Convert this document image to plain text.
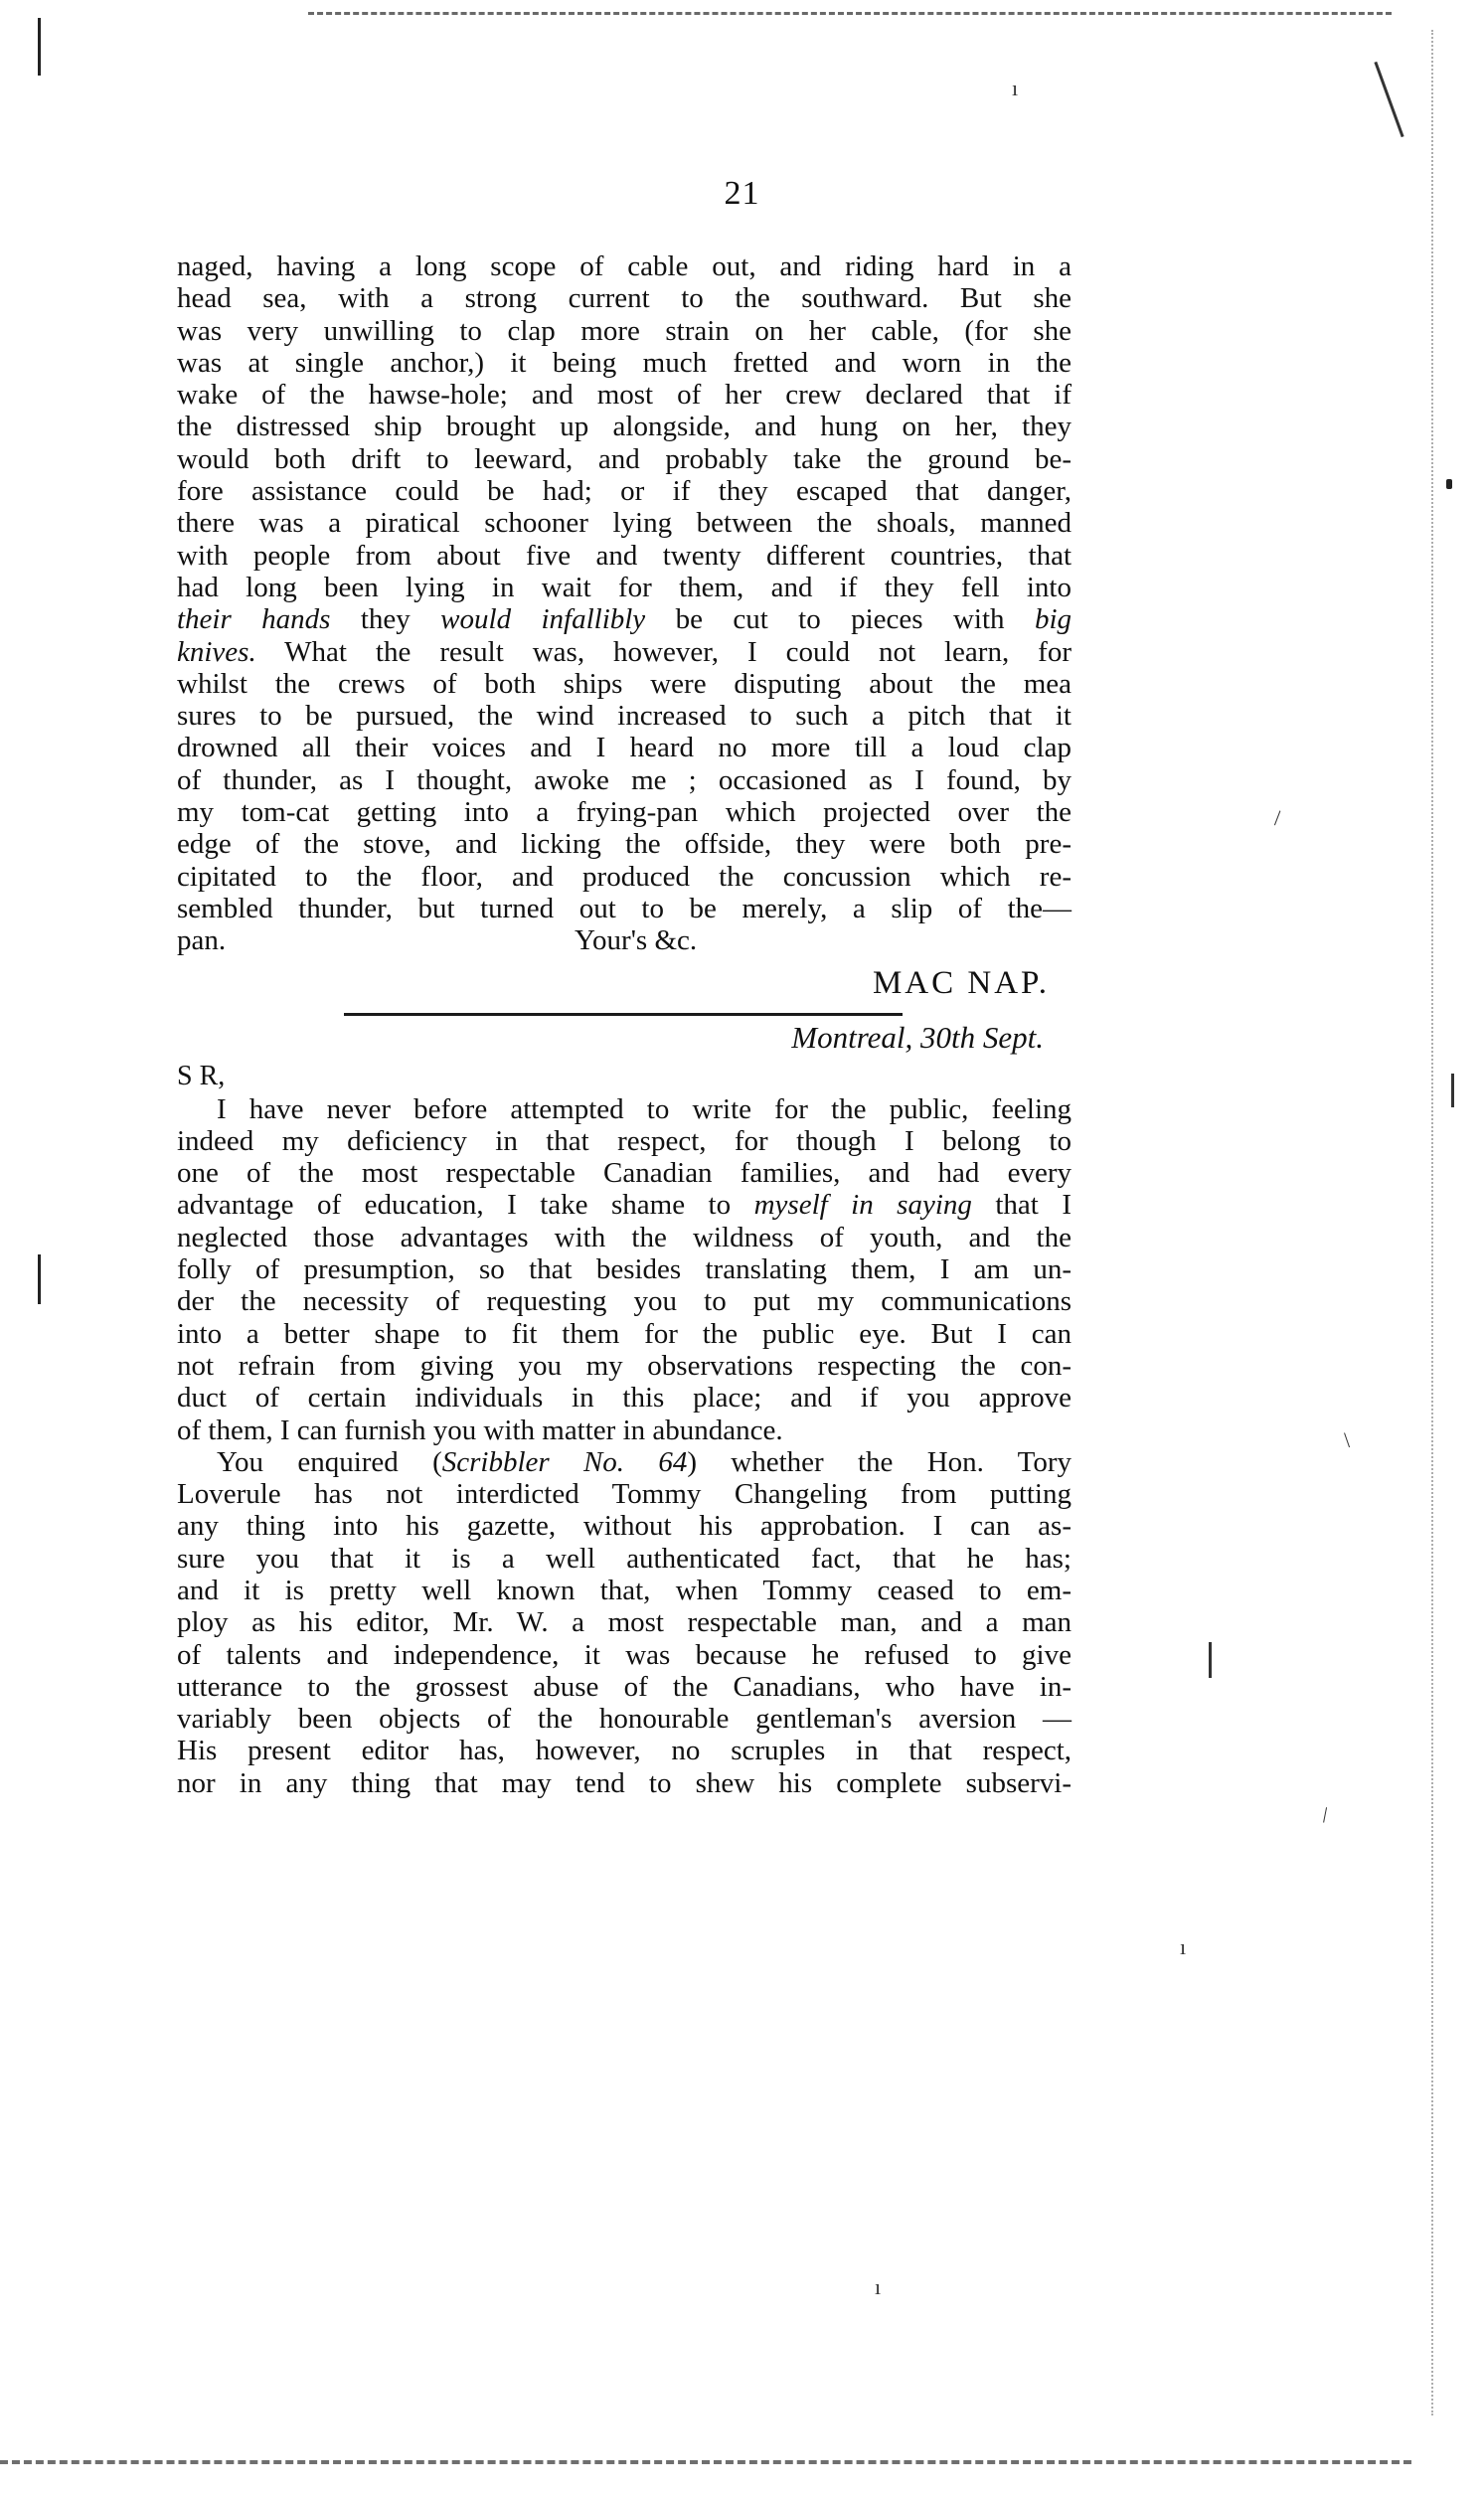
\
\
\
ı
ı
ı
21
naged, having a long scope of cable out, and riding hard in a
head sea, with a strong current to the southward. But she
was very unwilling to clap more strain on her cable, (for she
was at single anchor,) it being much fretted and worn in the
wake of the hawse-hole; and most of her crew declared that if
the distressed ship brought up alongside, and hung on her, they
would both drift to leeward, and probably take the ground be-
fore assistance could be had; or if they escaped that danger,
there was a piratical schooner lying between the shoals, manned
with people from about five and twenty different countries, that
had long been lying in wait for them, and if they fell into
their hands they would infallibly be cut to pieces with big
knives. What the result was, however, I could not learn, for
whilst the crews of both ships were disputing about the mea
sures to be pursued, the wind increased to such a pitch that it
drowned all their voices and I heard no more till a loud clap
of thunder, as I thought, awoke me ; occasioned as I found, by
my tom-cat getting into a frying-pan which projected over the
edge of the stove, and licking the offside, they were both pre-
cipitated to the floor, and produced the concussion which re-
sembled thunder, but turned out to be merely, a slip of the—
pan.	Your's &c.
MAC NAP.
Montreal, 30th Sept.
S R,
I have never before attempted to write for the public, feeling
indeed my deficiency in that respect, for though I belong to
one of the most respectable Canadian families, and had every
advantage of education, I take shame to myself in saying that I
neglected those advantages with the wildness of youth, and the
folly of presumption, so that besides translating them, I am un-
der the necessity of requesting you to put my communications
into a better shape to fit them for the public eye. But I can
not refrain from giving you my observations respecting the con-
duct of certain individuals in this place; and if you approve
of them, I can furnish you with matter in abundance.
You enquired (Scribbler No. 64) whether the Hon. Tory
Loverule has not interdicted Tommy Changeling from putting
any thing into his gazette, without his approbation. I can as-
sure you that it is a well authenticated fact, that he has;
and it is pretty well known that, when Tommy ceased to em-
ploy as his editor, Mr. W. a most respectable man, and a man
of talents and independence, it was because he refused to give
utterance to the grossest abuse of the Canadians, who have in-
variably been objects of the honourable gentleman's aversion —
His present editor has, however, no scruples in that respect,
nor in any thing that may tend to shew his complete subservi-
